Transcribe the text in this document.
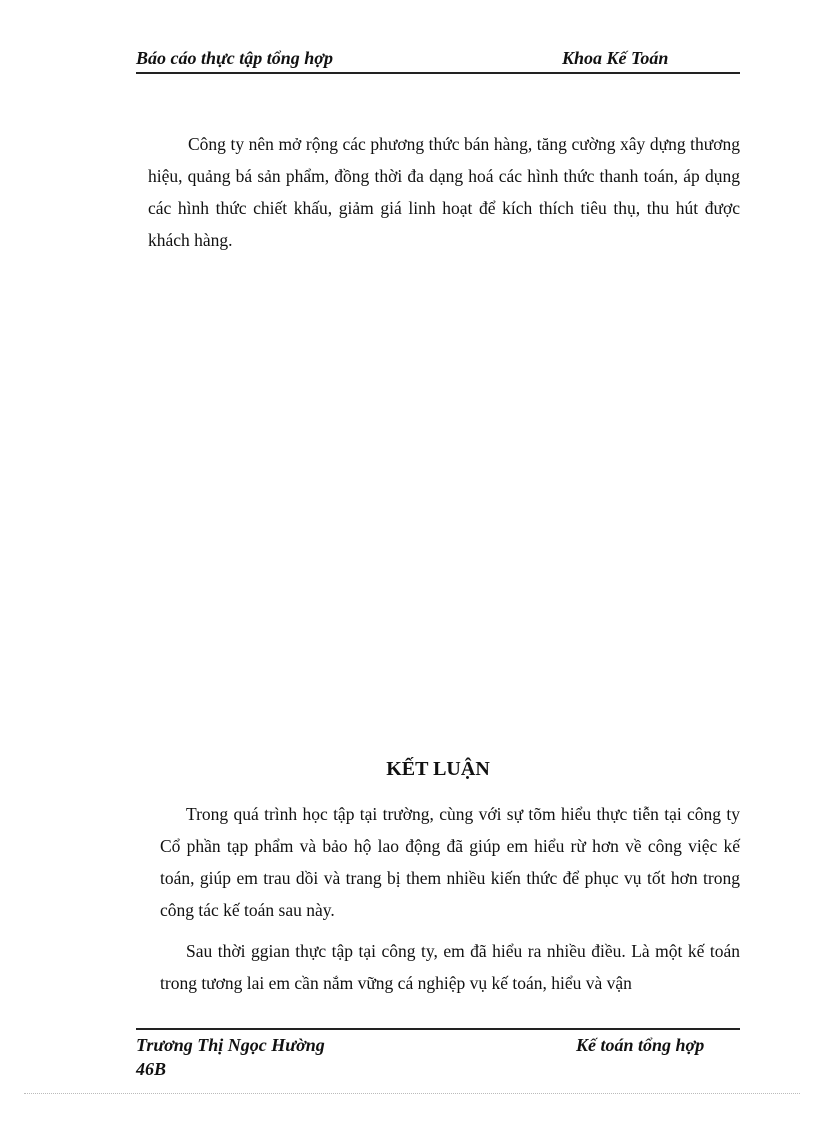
Báo cáo thực tập tổng hợp	Khoa Kế Toán

Công ty nên mở rộng các phương thức bán hàng, tăng cường xây dựng thương hiệu, quảng bá sản phẩm, đồng thời đa dạng hoá các hình thức thanh toán, áp dụng các hình thức chiết khấu, giảm giá linh hoạt để kích thích tiêu thụ, thu hút được khách hàng.

KẾT LUẬN

Trong quá trình học tập tại trường, cùng với sự tõm hiểu thực tiễn tại công ty Cổ phần tạp phẩm và bảo hộ lao động đã giúp em hiểu rừ hơn về công việc kế toán, giúp em trau dồi và trang bị them nhiều kiến thức để phục vụ tốt hơn trong công tác kế toán sau này.

Sau thời ggian thực tập tại công ty, em đã hiểu ra nhiều điều. Là một kế toán trong tương lai em cần nắm vững cá nghiệp vụ kế toán, hiểu và vận

Trương Thị Ngọc Hường
46B
Kế toán tổng hợp
